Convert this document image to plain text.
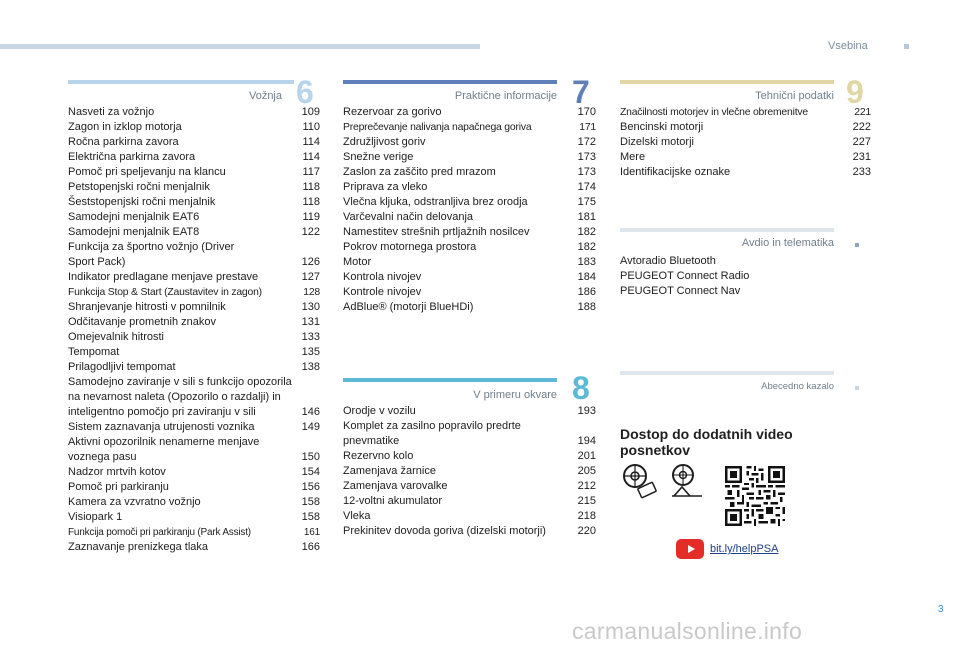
Vsebina
Vožnja 6	Praktične informacije 7
V primeru okvare 8
Tehnični podatki 9
Avdio in telematika
Abecedno kazalo
Nasveti za vožnjo	109
Zagon in izklop motorja	110
Ročna parkirna zavora	114
Električna parkirna zavora	114
Pomoč pri speljevanju na klancu	117
Petstopenjski ročni menjalnik	118
Šeststopenjski ročni menjalnik	118
Samodejni menjalnik EAT6	119
Samodejni menjalnik EAT8	122
Funkcija za športno vožnjo (Driver Sport Pack)	126
Indikator predlagane menjave prestave	127
Funkcija Stop & Start (Zaustavitev in zagon)	128
Shranjevanje hitrosti v pomnilnik	130
Odčitavanje prometnih znakov	131
Omejevalnik hitrosti	133
Tempomat	135
Prilagodljivi tempomat	138
Samodejno zaviranje v sili s funkcijo opozorila na nevarnost naleta (Opozorilo o razdalji) in inteligentno pomočjo pri zaviranju v sili	146
Sistem zaznavanja utrujenosti voznika	149
Aktivni opozorilnik nenamerne menjave voznega pasu	150
Nadzor mrtvih kotov	154
Pomoč pri parkiranju	156
Kamera za vzvratno vožnjo	158
Visiopark 1	158
Funkcija pomoči pri parkiranju (Park Assist)	161
Zaznavanje prenizkega tlaka	166
Rezervoar za gorivo	170
Preprečevanje nalivanja napačnega goriva	171
Združljivost goriv	172
Snežne verige	173
Zaslon za zaščito pred mrazom	173
Priprava za vleko	174
Vlečna kljuka, odstranljiva brez orodja	175
Varčevalni način delovanja	181
Namestitev strešnih prtljažnih nosilcev	182
Pokrov motornega prostora	182
Motor	183
Kontrola nivojev	184
Kontrole nivojev	186
AdBlue® (motorji BlueHDi)	188
Orodje v vozilu	193
Komplet za zasilno popravilo predrte pnevmatike	194
Rezervno kolo	201
Zamenjava žarnice	205
Zamenjava varovalke	212
12-voltni akumulator	215
Vleka	218
Prekinitev dovoda goriva (dizelski motorji)	220
Značilnosti motorjev in vlečne obremenitve	221
Bencinski motorji	222
Dizelski motorji	227
Mere	231
Identifikacijske oznake	233
Avtoradio Bluetooth
PEUGEOT Connect Radio
PEUGEOT Connect Nav
Dostop do dodatnih video posnetkov
bit.ly/helpPSA
3
carmanualsonline.info
